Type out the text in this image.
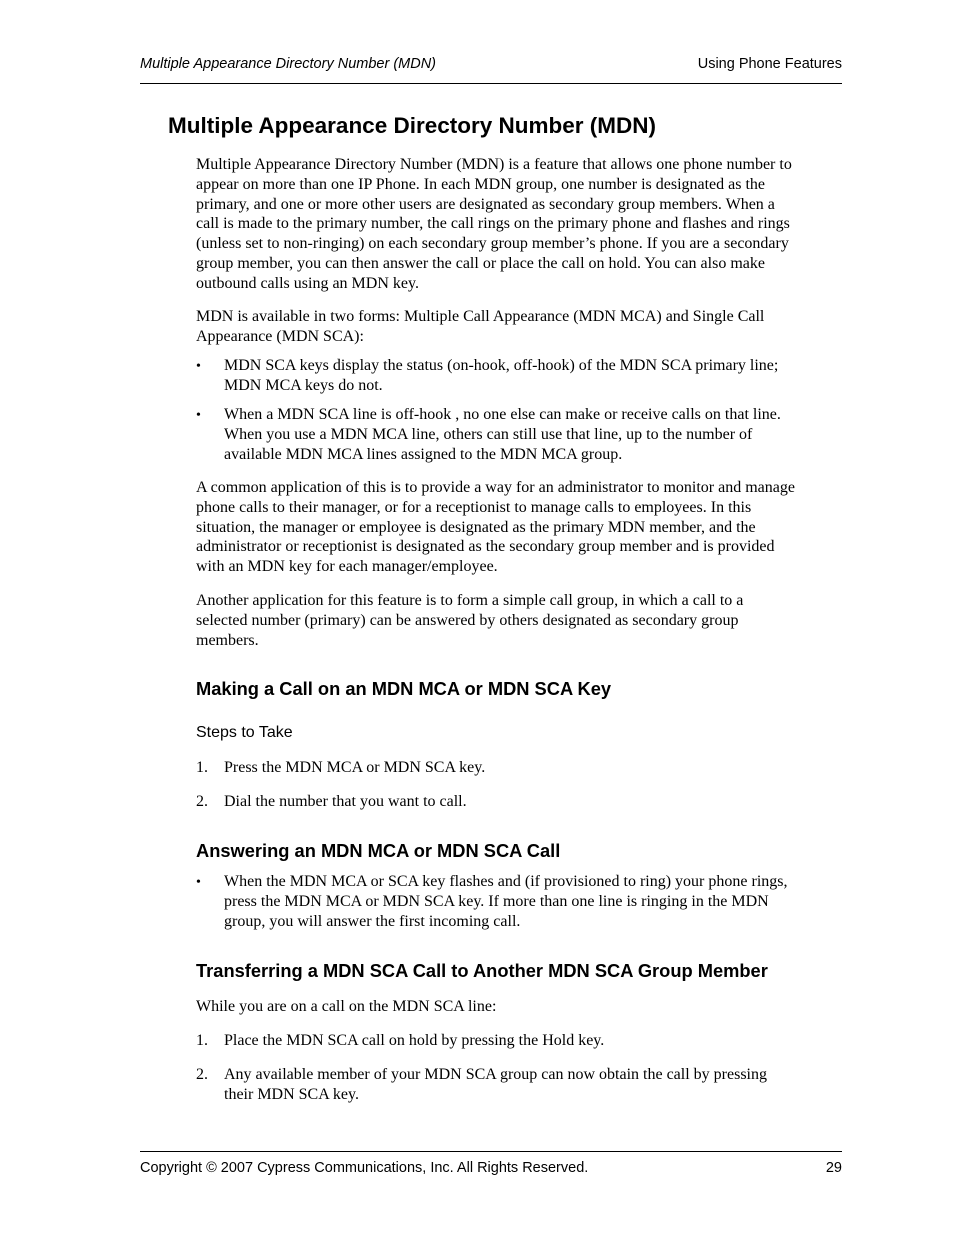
Multiple Appearance Directory Number (MDN)	Using Phone Features
Multiple Appearance Directory Number (MDN)
Multiple Appearance Directory Number (MDN) is a feature that allows one phone number to
appear on more than one IP Phone. In each MDN group, one number is designated as the
primary, and one or more other users are designated as secondary group members. When a
call is made to the primary number, the call rings on the primary phone and flashes and rings
(unless set to non-ringing) on each secondary group member’s phone. If you are a secondary
group member, you can then answer the call or place the call on hold. You can also make
outbound calls using an MDN key.
MDN is available in two forms: Multiple Call Appearance (MDN MCA) and Single Call
Appearance (MDN SCA):
• MDN SCA keys display the status (on-hook, off-hook) of the MDN SCA primary line;
MDN MCA keys do not.
• When a MDN SCA line is off-hook , no one else can make or receive calls on that line.
When you use a MDN MCA line, others can still use that line, up to the number of
available MDN MCA lines assigned to the MDN MCA group.
A common application of this is to provide a way for an administrator to monitor and manage
phone calls to their manager, or for a receptionist to manage calls to employees. In this
situation, the manager or employee is designated as the primary MDN member, and the
administrator or receptionist is designated as the secondary group member and is provided
with an MDN key for each manager/employee.
Another application for this feature is to form a simple call group, in which a call to a
selected number (primary) can be answered by others designated as secondary group
members.
Making a Call on an MDN MCA or MDN SCA Key
Steps to Take
1. Press the MDN MCA or MDN SCA key.
2. Dial the number that you want to call.
Answering an MDN MCA or MDN SCA Call
• When the MDN MCA or SCA key flashes and (if provisioned to ring) your phone rings,
press the MDN MCA or MDN SCA key. If more than one line is ringing in the MDN
group, you will answer the first incoming call.
Transferring a MDN SCA Call to Another MDN SCA Group Member
While you are on a call on the MDN SCA line:
1. Place the MDN SCA call on hold by pressing the Hold key.
2. Any available member of your MDN SCA group can now obtain the call by pressing
their MDN SCA key.
Copyright © 2007 Cypress Communications, Inc. All Rights Reserved.	29
